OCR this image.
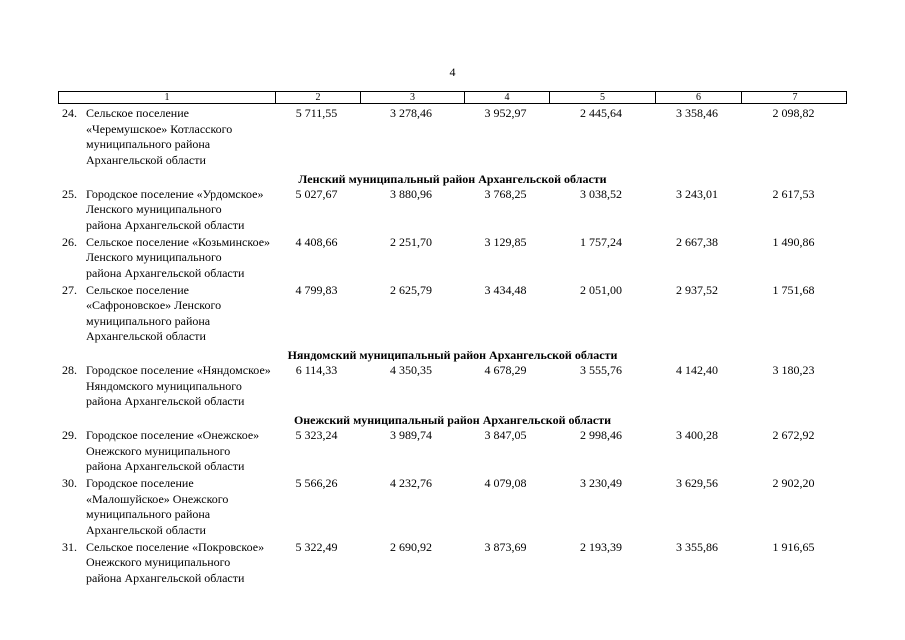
4
1	2	3	4	5	6	7
24. Сельское поселение
«Черемушское» Котласского
муниципального района
Архангельской области
5 711,55	3 278,46	3 952,97	2 445,64	3 358,46	2 098,82
Ленский муниципальный район Архангельской области
25. Городское поселение «Урдомское»
Ленского муниципального
района Архангельской области
5 027,67	3 880,96	3 768,25	3 038,52	3 243,01	2 617,53
26. Сельское поселение «Козьминское»
Ленского муниципального
района Архангельской области
4 408,66	2 251,70	3 129,85	1 757,24	2 667,38	1 490,86
27. Сельское поселение
«Сафроновское» Ленского
муниципального района
Архангельской области
4 799,83	2 625,79	3 434,48	2 051,00	2 937,52	1 751,68
Няндомский муниципальный район Архангельской области
28. Городское поселение «Няндомское»
Няндомского муниципального
района Архангельской области
6 114,33	4 350,35	4 678,29	3 555,76	4 142,40	3 180,23
Онежский муниципальный район Архангельской области
29. Городское поселение «Онежское»
Онежского муниципального
района Архангельской области
5 323,24	3 989,74	3 847,05	2 998,46	3 400,28	2 672,92
30. Городское поселение
«Малошуйское» Онежского
муниципального района
Архангельской области
5 566,26	4 232,76	4 079,08	3 230,49	3 629,56	2 902,20
31. Сельское поселение «Покровское»
Онежского муниципального
района Архангельской области
5 322,49	2 690,92	3 873,69	2 193,39	3 355,86	1 916,65
